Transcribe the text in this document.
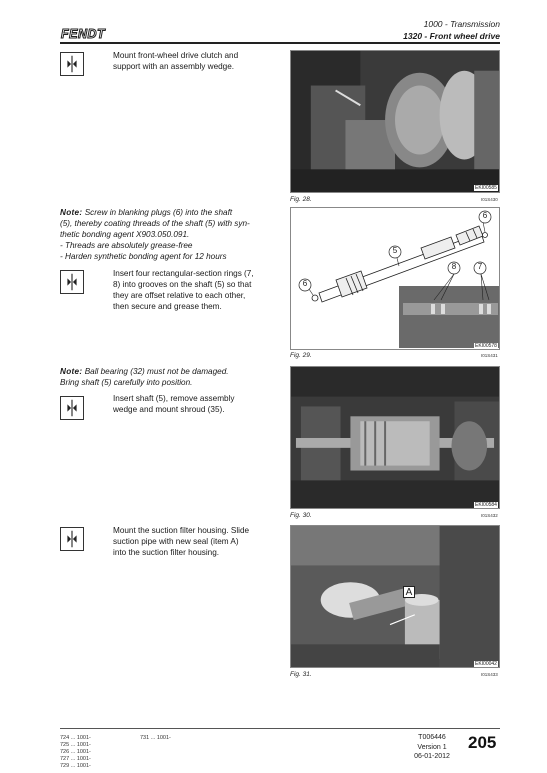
FENDT
1000 - Transmission
1320 - Front wheel drive
Mount front-wheel drive clutch and
support with an assembly wedge.
EKI00585
Fig. 28.	I01S430
Note: Screw in blanking plugs (6) into the shaft
(5), thereby coating threads of the shaft (5) with syn-
thetic bonding agent X903.050.091.
- Threads are absolutely grease-free
- Harden synthetic bonding agent for 12 hours
Insert four rectangular-section rings (7,
8) into grooves on the shaft (5) so that
they are offset relative to each other,
then secure and grease them.
6
5
8	7
6
EKI00578
Fig. 29.	I01S431
Note: Ball bearing (32) must not be damaged.
Bring shaft (5) carefully into position.
Insert shaft (5), remove assembly
wedge and mount shroud (35).
EKI00584
Fig. 30.	I01S432
Mount the suction filter housing. Slide
suction pipe with new seal (item A)
into the suction filter housing.
A
EKI00042
Fig. 31.	I01S433
724 ... 1001-
725 ... 1001-
726 ... 1001-
727 ... 1001-
729 ... 1001-
731 ... 1001-	T006446
Version 1
06-01-2012
205
